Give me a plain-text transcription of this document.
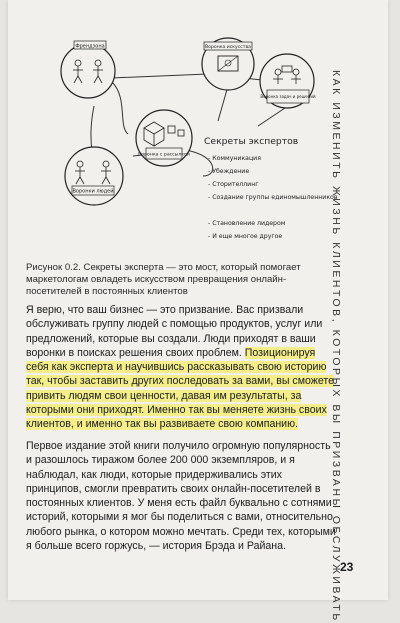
Френдзона	Воронка искусства
Воронка задач и решений
Воронка с рассылкой
Воронки людей
Секреты экспертов
- Коммуникация
- Убеждение
- Сторителлинг
- Создание группы единомышленников
- Становление лидером
- И еще многое другое
Рисунок 0.2. Секреты эксперта — это мост, который помогает маркетологам овладеть искусством превращения онлайн-посетителей в постоянных клиентов

Я верю, что ваш бизнес — это призвание. Вас призвали обслуживать группу людей с помощью продуктов, услуг или предложений, которые вы создали. Люди приходят в ваши воронки в поисках решения своих проблем. Позиционируя себя как эксперта и научившись рассказывать свою историю так, чтобы заставить других последовать за вами, вы сможете привить людям свои ценности, давая им результаты, за которыми они приходят. Именно так вы меняете жизнь своих клиентов, и именно так вы развиваете свою компанию.

Первое издание этой книги получило огромную популярность и разошлось тиражом более 200 000 экземпляров, и я наблюдал, как люди, которые придерживались этих принципов, смогли превратить своих онлайн-посетителей в постоянных клиентов. У меня есть файл буквально с сотнями историй, которыми я мог бы поделиться с вами, относительно любого рынка, о котором можно мечтать. Среди тех, которыми я больше всего горжусь, — история Брэда и Райана.	КАК ИЗМЕНИТЬ ЖИЗНЬ КЛИЕНТОВ, КОТОРЫХ ВЫ ПРИЗВАНЫ ОБСЛУЖИВАТЬ 23
